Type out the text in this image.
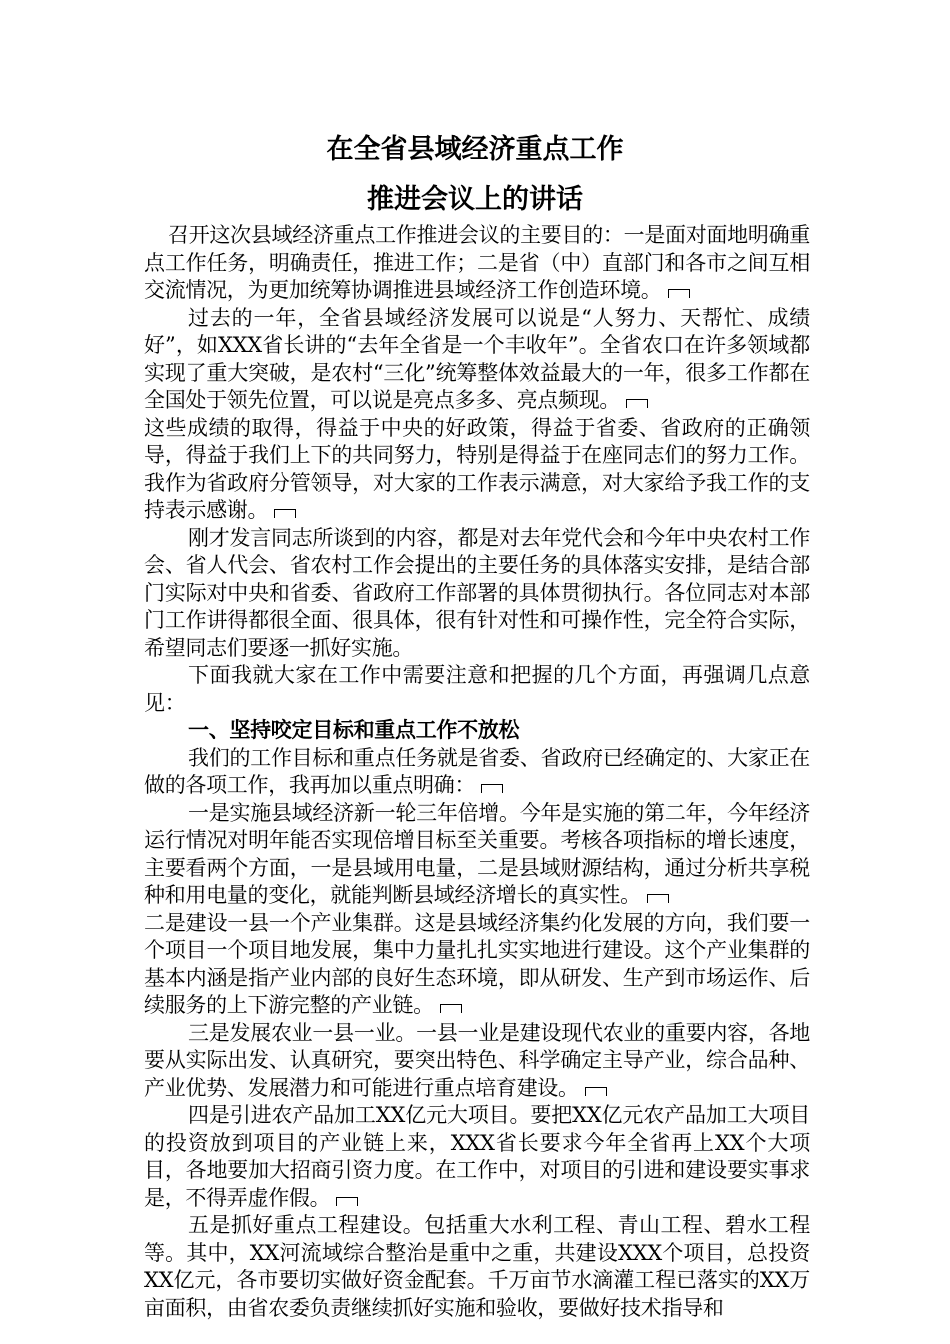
在全省县域经济重点工作
推进会议上的讲话

召开这次县域经济重点工作推进会议的主要目的：一是面对面地明确重点工作任务，明确责任，推进工作；二是省（中）直部门和各市之间互相交流情况，为更加统筹协调推进县域经济工作创造环境。

过去的一年，全省县域经济发展可以说是“人努力、天帮忙、成绩好”，如XXX省长讲的“去年全省是一个丰收年”。全省农口在许多领域都实现了重大突破，是农村“三化”统筹整体效益最大的一年，很多工作都在全国处于领先位置，可以说是亮点多多、亮点频现。

这些成绩的取得，得益于中央的好政策，得益于省委、省政府的正确领导，得益于我们上下的共同努力，特别是得益于在座同志们的努力工作。我作为省政府分管领导，对大家的工作表示满意，对大家给予我工作的支持表示感谢。

刚才发言同志所谈到的内容，都是对去年党代会和今年中央农村工作会、省人代会、省农村工作会提出的主要任务的具体落实安排，是结合部门实际对中央和省委、省政府工作部署的具体贯彻执行。各位同志对本部门工作讲得都很全面、很具体，很有针对性和可操作性，完全符合实际，希望同志们要逐一抓好实施。

下面我就大家在工作中需要注意和把握的几个方面，再强调几点意见：

一、坚持咬定目标和重点工作不放松

我们的工作目标和重点任务就是省委、省政府已经确定的、大家正在做的各项工作，我再加以重点明确：

一是实施县域经济新一轮三年倍增。今年是实施的第二年，今年经济运行情况对明年能否实现倍增目标至关重要。考核各项指标的增长速度，主要看两个方面，一是县域用电量，二是县域财源结构，通过分析共享税种和用电量的变化，就能判断县域经济增长的真实性。

二是建设一县一个产业集群。这是县域经济集约化发展的方向，我们要一个项目一个项目地发展，集中力量扎扎实实地进行建设。这个产业集群的基本内涵是指产业内部的良好生态环境，即从研发、生产到市场运作、后续服务的上下游完整的产业链。

三是发展农业一县一业。一县一业是建设现代农业的重要内容，各地要从实际出发、认真研究，要突出特色、科学确定主导产业，综合品种、产业优势、发展潜力和可能进行重点培育建设。

四是引进农产品加工XX亿元大项目。要把XX亿元农产品加工大项目的投资放到项目的产业链上来，XXX省长要求今年全省再上XX个大项目，各地要加大招商引资力度。在工作中，对项目的引进和建设要实事求是，不得弄虚作假。

五是抓好重点工程建设。包括重大水利工程、青山工程、碧水工程等。其中，XX河流域综合整治是重中之重，共建设XXX个项目，总投资XX亿元，各市要切实做好资金配套。千万亩节水滴灌工程已落实的XX万亩面积，由省农委负责继续抓好实施和验收，要做好技术指导和
